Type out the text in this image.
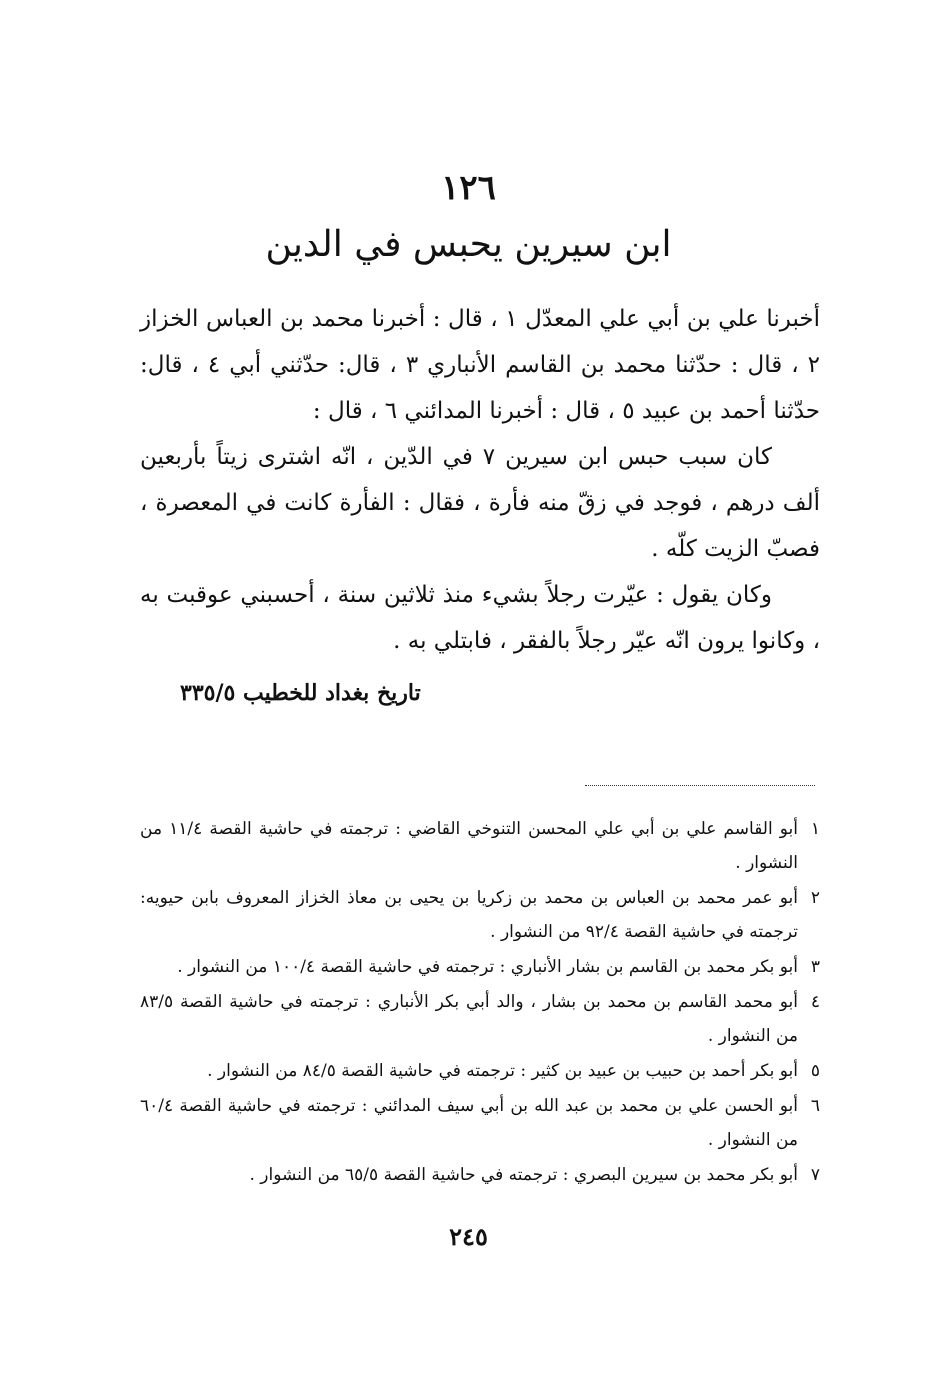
١٢٦
ابن سيرين يحبس في الدين

أخبرنا علي بن أبي علي المعدّل ١ ، قال : أخبرنا محمد بن العباس الخزاز ٢ ، قال : حدّثنا محمد بن القاسم الأنباري ٣ ، قال: حدّثني أبي ٤ ، قال: حدّثنا أحمد بن عبيد ٥ ، قال : أخبرنا المدائني ٦ ، قال :

كان سبب حبس ابن سيرين ٧ في الدّين ، انّه اشترى زيتاً بأربعين ألف درهم ، فوجد في زقّ منه فأرة ، فقال : الفأرة كانت في المعصرة ، فصبّ الزيت كلّه .

وكان يقول : عيّرت رجلاً بشيء منذ ثلاثين سنة ، أحسبني عوقبت به ، وكانوا يرون انّه عيّر رجلاً بالفقر ، فابتلي به .

تاريخ بغداد للخطيب ٣٣٥/٥
١
أبو القاسم علي بن أبي علي المحسن التنوخي القاضي : ترجمته في حاشية القصة ١١/٤ من النشوار .
٢
أبو عمر محمد بن العباس بن محمد بن زكريا بن يحيى بن معاذ الخزاز المعروف بابن حيويه: ترجمته في حاشية القصة ٩٢/٤ من النشوار .
٣
أبو بكر محمد بن القاسم بن بشار الأنباري : ترجمته في حاشية القصة ١٠٠/٤ من النشوار .
٤
أبو محمد القاسم بن محمد بن بشار ، والد أبي بكر الأنباري : ترجمته في حاشية القصة ٨٣/٥ من النشوار .
٥
أبو بكر أحمد بن حبيب بن عبيد بن كثير : ترجمته في حاشية القصة ٨٤/٥ من النشوار .
٦
أبو الحسن علي بن محمد بن عبد الله بن أبي سيف المدائني : ترجمته في حاشية القصة ٦٠/٤ من النشوار .
٧
أبو بكر محمد بن سيرين البصري : ترجمته في حاشية القصة ٦٥/٥ من النشوار .
٢٤٥
